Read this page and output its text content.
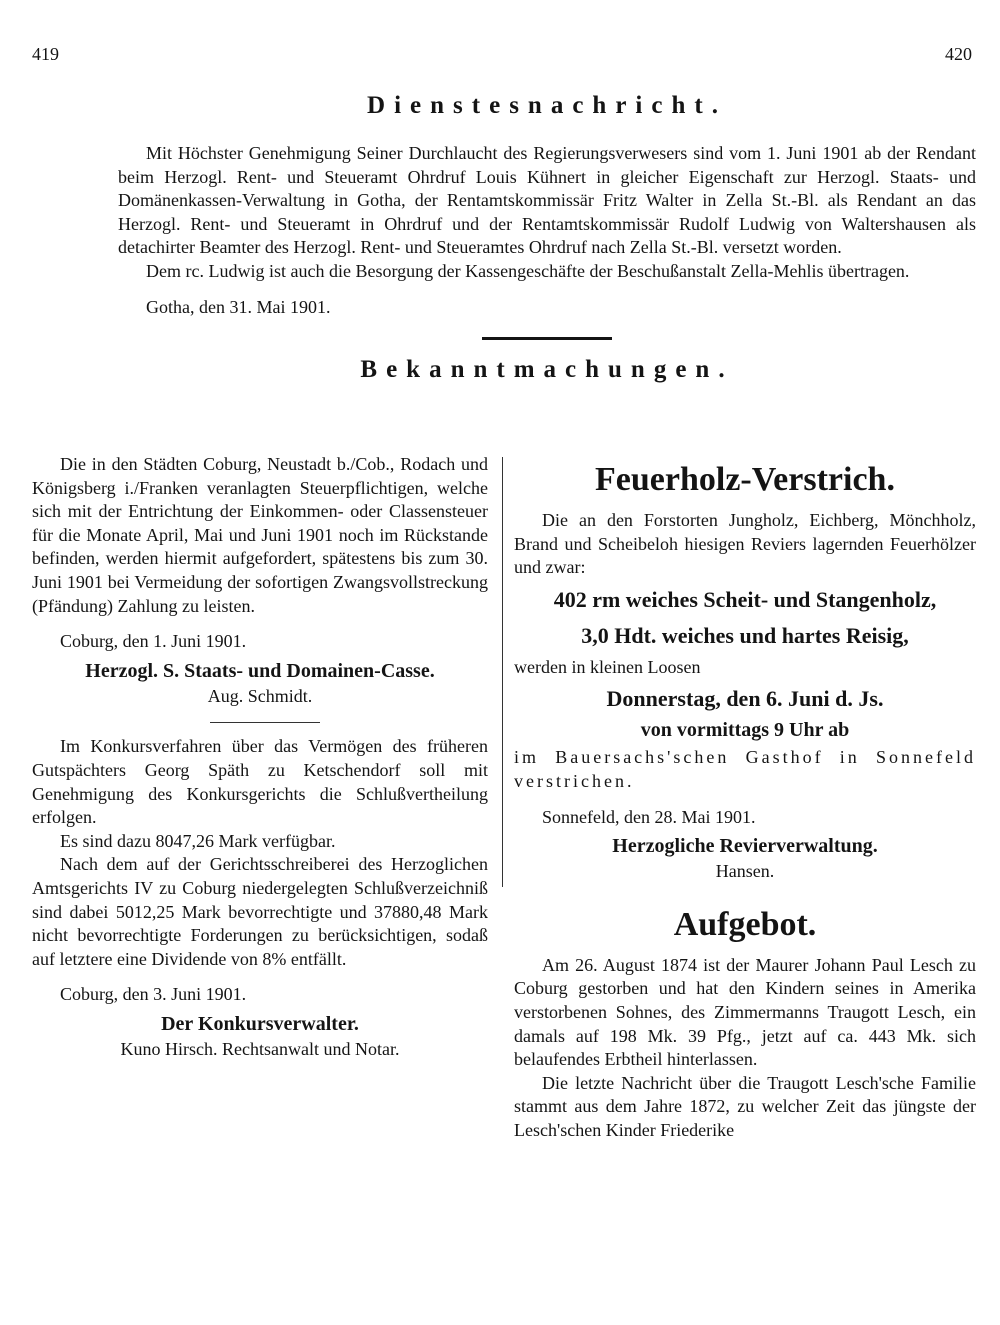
419	420
Dienstesnachricht.

Mit Höchster Genehmigung Seiner Durchlaucht des Regierungsverwesers sind vom 1. Juni 1901 ab der Rendant beim Herzogl. Rent- und Steueramt Ohrdruf Louis Kühnert in gleicher Eigenschaft zur Herzogl. Staats- und Domänenkassen-Verwaltung in Gotha, der Rentamtskommissär Fritz Walter in Zella St.-Bl. als Rendant an das Herzogl. Rent- und Steueramt in Ohrdruf und der Rentamtskommissär Rudolf Ludwig von Waltershausen als detachirter Beamter des Herzogl. Rent- und Steueramtes Ohrdruf nach Zella St.-Bl. versetzt worden.

Dem rc. Ludwig ist auch die Besorgung der Kassengeschäfte der Beschußanstalt Zella-Mehlis übertragen.

Gotha, den 31. Mai 1901.

Bekanntmachungen.

Die in den Städten Coburg, Neustadt b./Cob., Rodach und Königsberg i./Franken veranlagten Steuerpflichtigen, welche sich mit der Entrichtung der Einkommen- oder Classensteuer für die Monate April, Mai und Juni 1901 noch im Rückstande befinden, werden hiermit aufgefordert, spätestens bis zum 30. Juni 1901 bei Vermeidung der sofortigen Zwangsvollstreckung (Pfändung) Zahlung zu leisten.

Coburg, den 1. Juni 1901.

Herzogl. S. Staats- und Domainen-Casse.

Aug. Schmidt.

Im Konkursverfahren über das Vermögen des früheren Gutspächters Georg Späth zu Ketschendorf soll mit Genehmigung des Konkursgerichts die Schlußvertheilung erfolgen.

Es sind dazu 8047,26 Mark verfügbar.

Nach dem auf der Gerichtsschreiberei des Herzoglichen Amtsgerichts IV zu Coburg niedergelegten Schlußverzeichniß sind dabei 5012,25 Mark bevorrechtigte und 37880,48 Mark nicht bevorrechtigte Forderungen zu berücksichtigen, sodaß auf letztere eine Dividende von 8% entfällt.

Coburg, den 3. Juni 1901.

Der Konkursverwalter.

Kuno Hirsch. Rechtsanwalt und Notar.

Feuerholz-Verstrich.

Die an den Forstorten Jungholz, Eichberg, Mönchholz, Brand und Scheibeloh hiesigen Reviers lagernden Feuerhölzer und zwar:

402 rm weiches Scheit- und Stangenholz,
3,0 Hdt. weiches und hartes Reisig,

werden in kleinen Loosen

Donnerstag, den 6. Juni d. Js.
von vormittags 9 Uhr ab

im Bauersachs'schen Gasthof in Sonnefeld verstrichen.

Sonnefeld, den 28. Mai 1901.

Herzogliche Revierverwaltung.

Hansen.

Aufgebot.

Am 26. August 1874 ist der Maurer Johann Paul Lesch zu Coburg gestorben und hat den Kindern seines in Amerika verstorbenen Sohnes, des Zimmermanns Traugott Lesch, ein damals auf 198 Mk. 39 Pfg., jetzt auf ca. 443 Mk. sich belaufendes Erbtheil hinterlassen.

Die letzte Nachricht über die Traugott Lesch'sche Familie stammt aus dem Jahre 1872, zu welcher Zeit das jüngste der Lesch'schen Kinder Friederike
